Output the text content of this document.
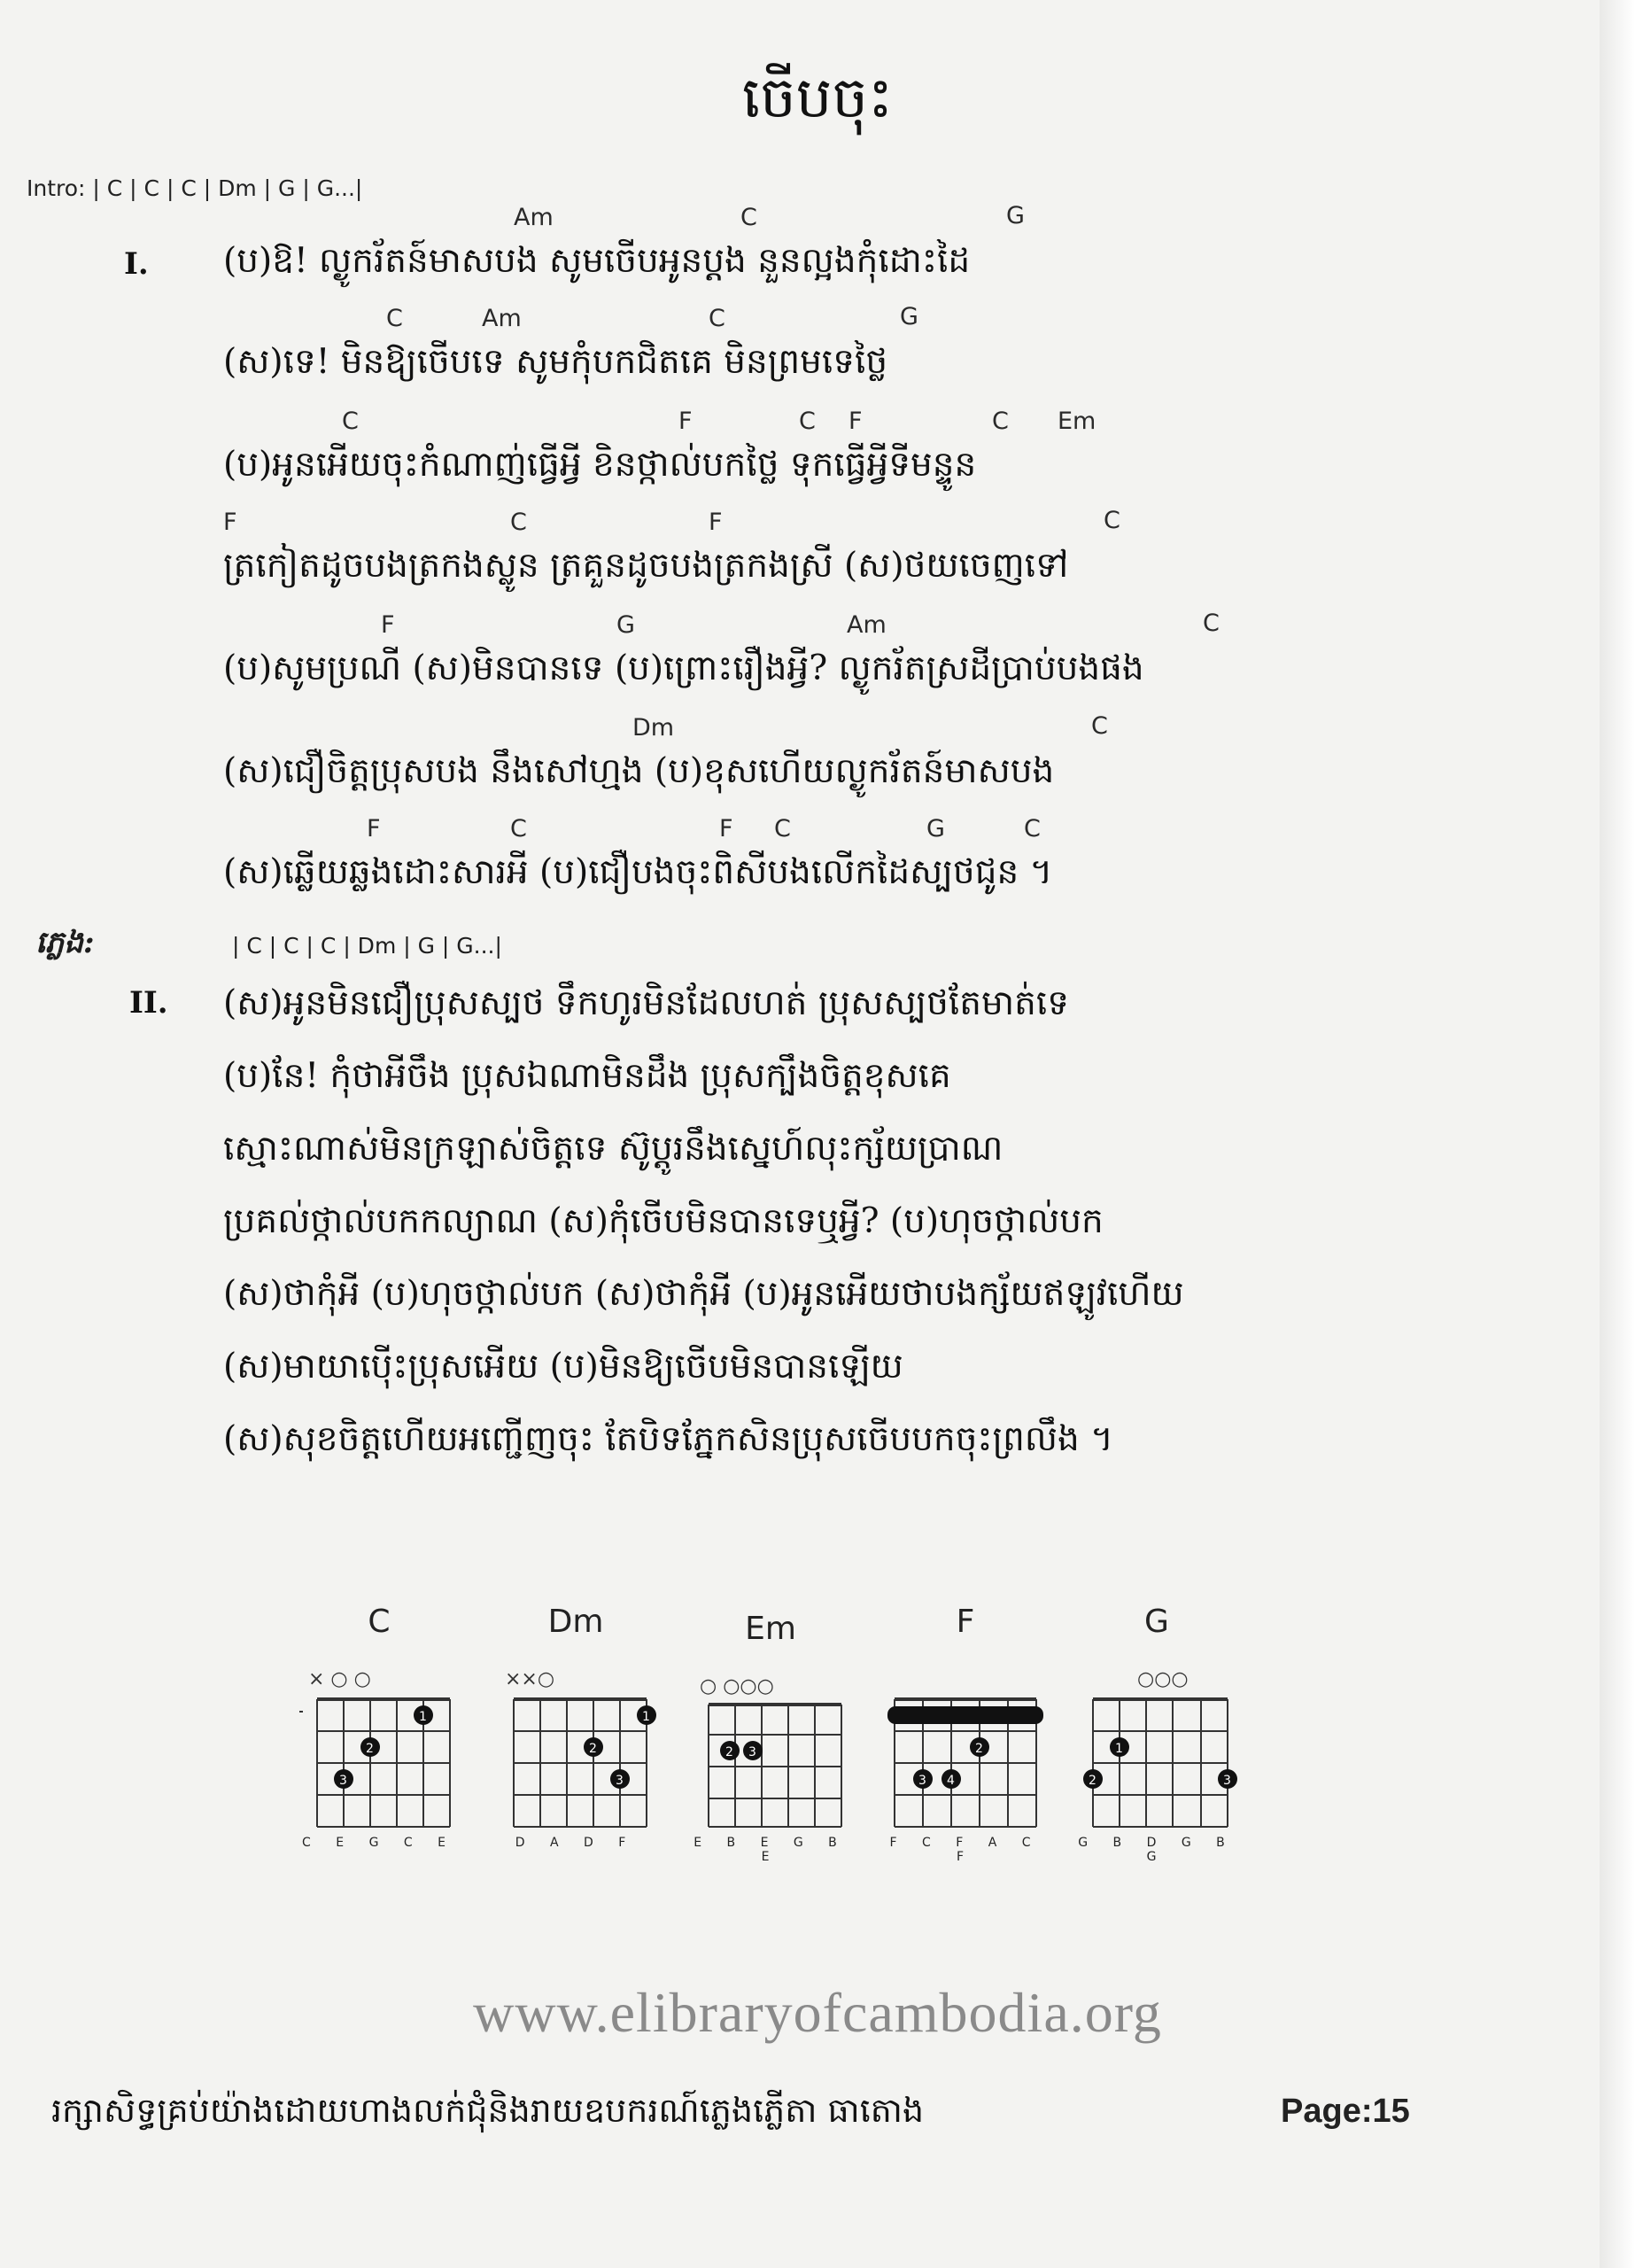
ចើបចុះ
Intro: | C | C | C | Dm | G | G...|
I.
Am	C	G
(ប)ឱ! ល្ងូករ័តន៍មាសបង សូមចើបអូនប្តង នួនល្អងកុំដោះដៃ
C	Am	C	G
(ស)ទេ! មិនឱ្យចើបទេ សូមកុំបកជិតគេ មិនព្រមទេថ្លៃ
C	F	C F	C Em
(ប)អូនអើយចុះកំណាញ់ធ្វើអ្វី ខិនថ្កាល់បកថ្លៃ ទុកធ្វើអ្វីទីមន្ទូន
F	C	F	C
ត្រកៀតដូចបងត្រកងស្លូន ត្រគួនដូចបងត្រកងស្រី (ស)ថយចេញទៅ
F	G	Am	C
(ប)សូមប្រណី (ស)មិនបានទេ (ប)ព្រោះរឿងអ្វី? ល្ងូករ័តស្រដីប្រាប់បងផង
Dm	C
(ស)ជឿចិត្តប្រុសបង នឹងសៅហ្មង (ប)ខុសហើយល្ងូករ័តន៍មាសបង
F	C	F C	G	C
(ស)ឆ្លើយឆ្លងដោះសារអី (ប)ជឿបងចុះពិសីបងលើកដៃស្បថជូន ។
ភ្លេង:	| C | C | C | Dm | G | G...|
II. (ស)អូនមិនជឿប្រុសស្បថ ទឹកហូរមិនដែលហត់ ប្រុសស្បថតែមាត់ទេ
(ប)នែ! កុំថាអីចឹង ប្រុសឯណាមិនដឹង ប្រុសក្បឹងចិត្តខុសគេ
ស្មោះណាស់មិនក្រឡាស់ចិត្តទេ ស៊ូប្តូរនឹងស្នេហ៍លុះក្ស័យប្រាណ
ប្រគល់ថ្កាល់បកកល្យាណ (ស)កុំចើបមិនបានទេឬអ្វី? (ប)ហុចថ្កាល់បក
(ស)ថាកុំអី (ប)ហុចថ្កាល់បក (ស)ថាកុំអី (ប)អូនអើយថាបងក្ស័យឥឡូវហើយ
(ស)មាយាប៉ើះប្រុសអើយ (ប)មិនឱ្យចើបមិនបានឡើយ
(ស)សុខចិត្តហើយអញ្ជើញចុះ តែបិទភ្នែកសិនប្រុសចើបបកចុះព្រលឹង ។
C
× ○ ○
3
2
1
C E G C E
Dm
××○
1
2
3
D A D F
Em
○ ○○○
2 3
E B E G B E
F
3 4
2
F C F A C F
G
○○○
2
1
3
G B D G B G
www.elibraryofcambodia.org
រក្សាសិទ្ធគ្រប់យ៉ាងដោយហាងលក់ជុំនិងរាយឧបករណ៍ភ្លេងភ្លើតា ធាតោង	Page:15
